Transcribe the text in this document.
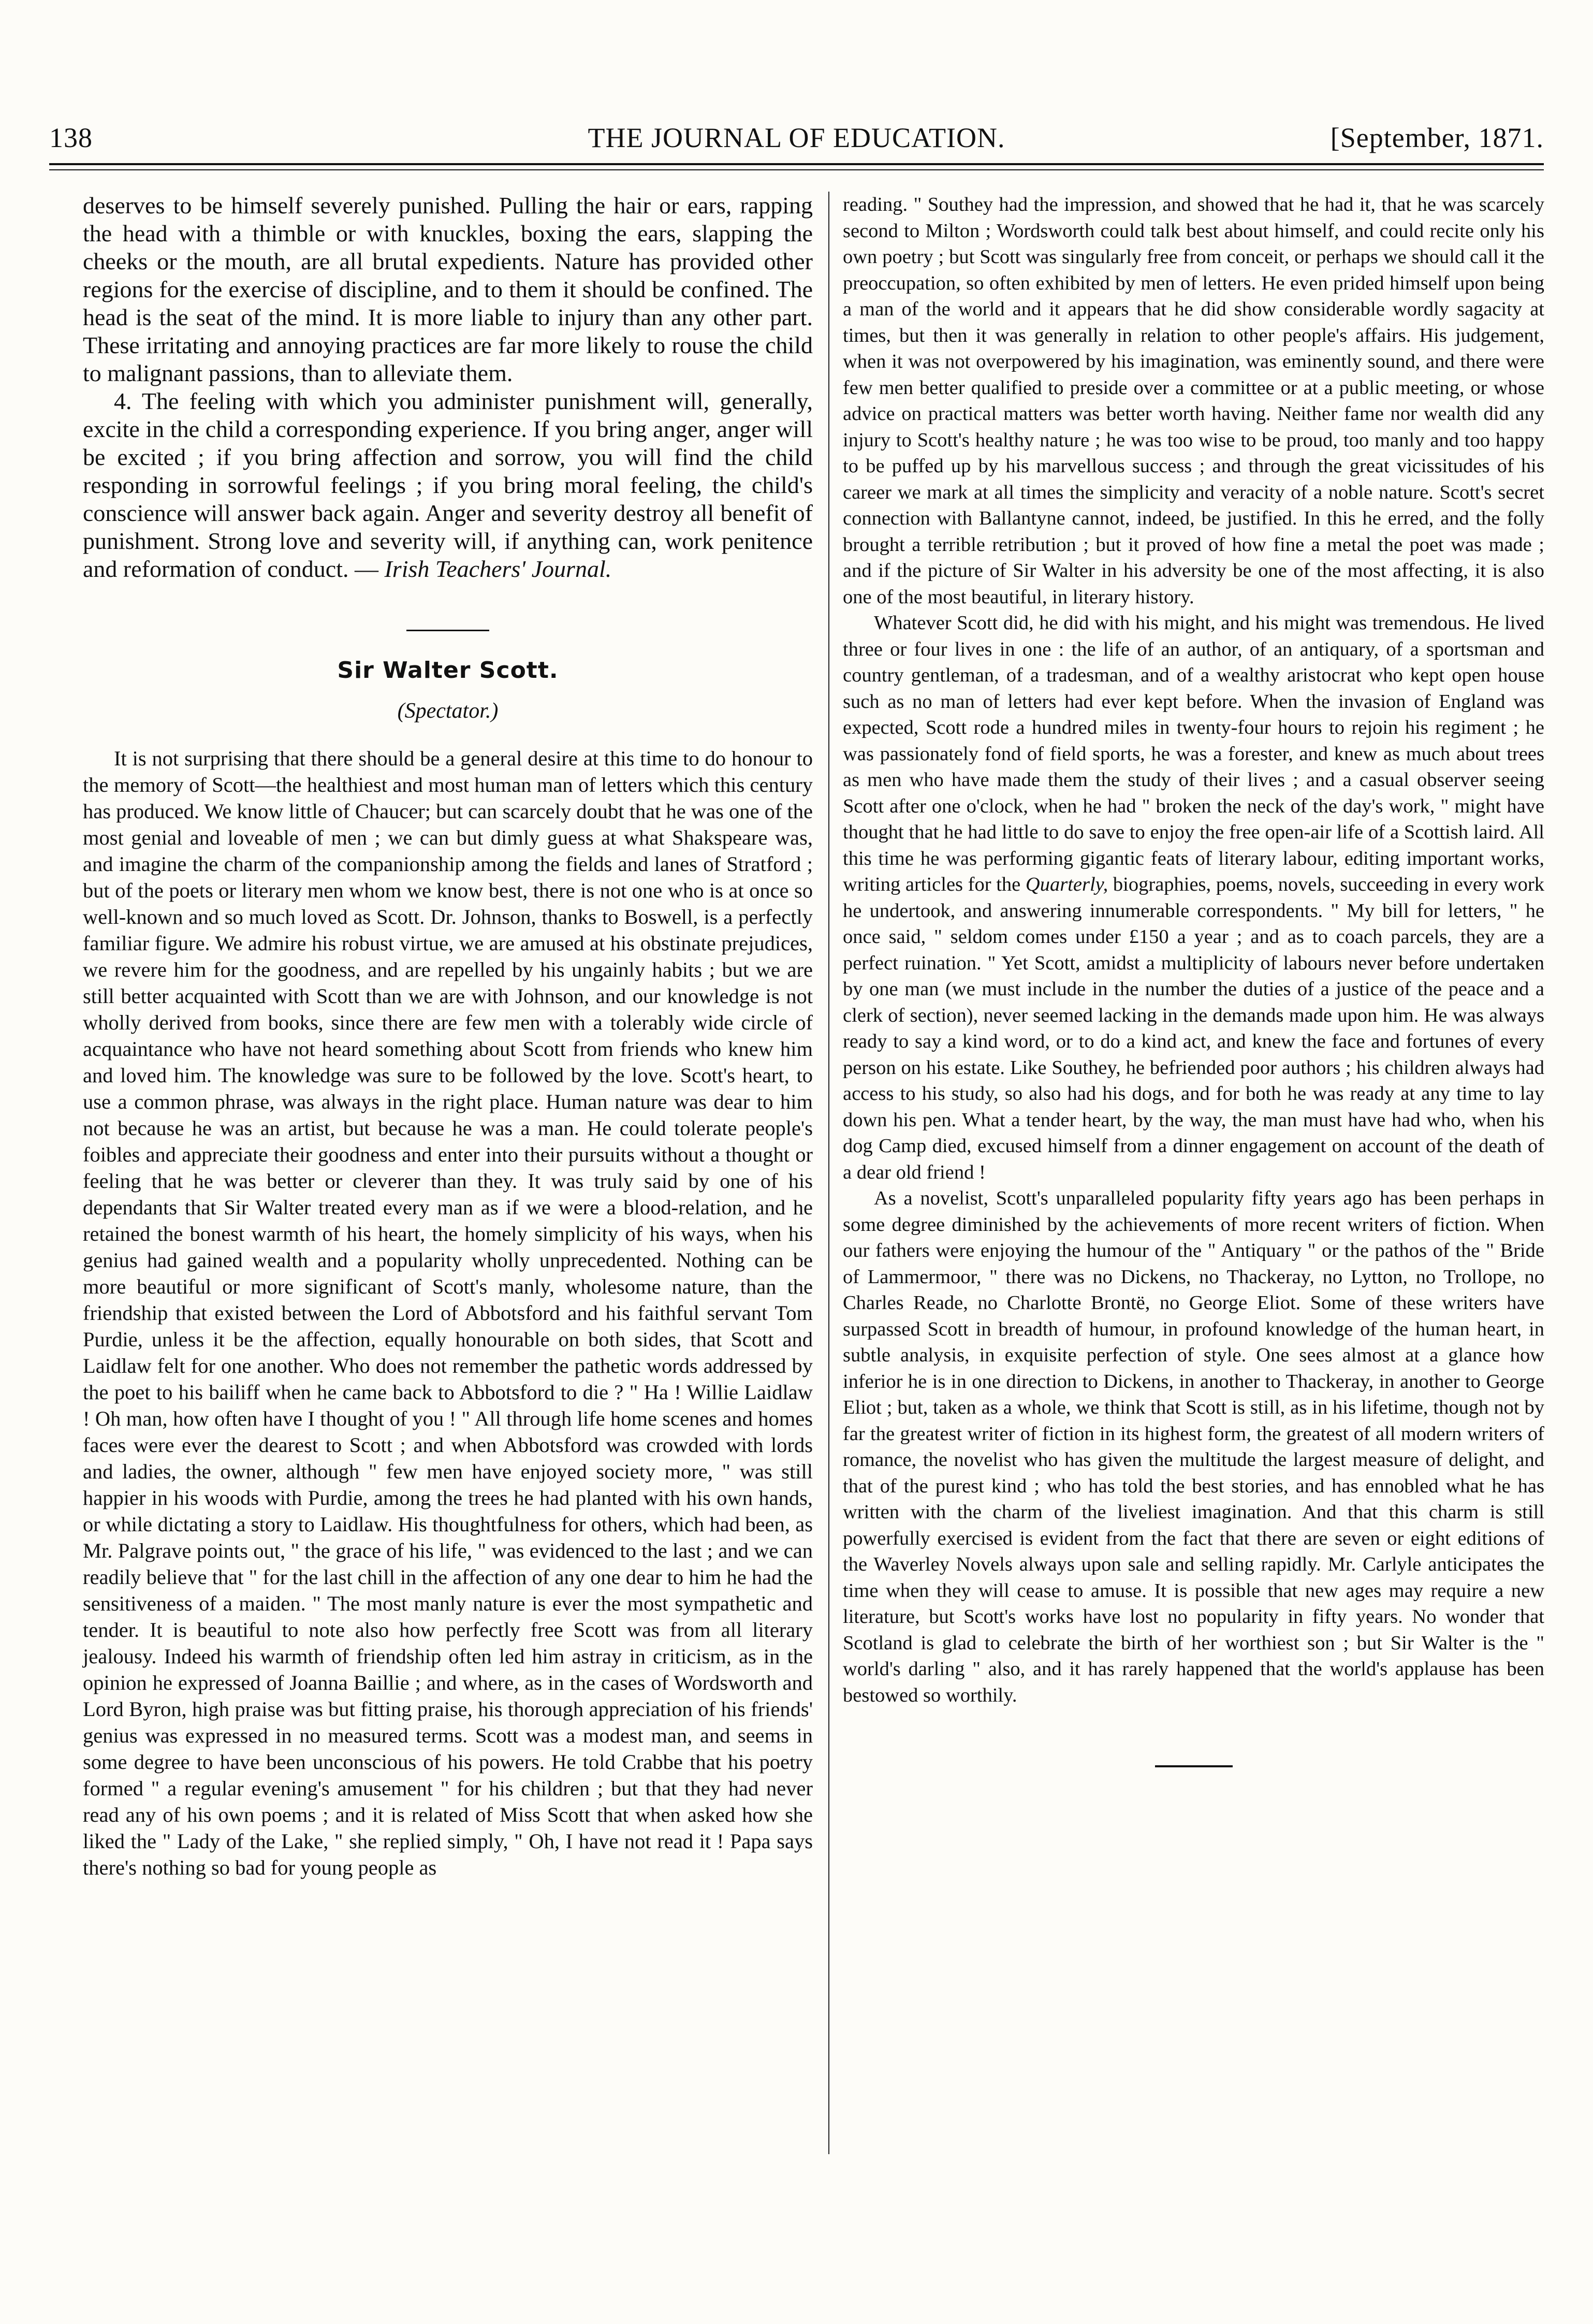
138	THE JOURNAL OF EDUCATION.	[September, 1871.

deserves to be himself severely punished. Pulling the hair or ears, rapping the head with a thimble or with knuckles, boxing the ears, slapping the cheeks or the mouth, are all brutal expedients. Nature has provided other regions for the exercise of discipline, and to them it should be confined. The head is the seat of the mind. It is more liable to injury than any other part. These irritating and annoying practices are far more likely to rouse the child to malignant passions, than to alleviate them.

4. The feeling with which you administer punishment will, generally, excite in the child a corresponding experience. If you bring anger, anger will be excited ; if you bring affection and sorrow, you will find the child responding in sorrowful feelings ; if you bring moral feeling, the child's conscience will answer back again. Anger and severity destroy all benefit of punishment. Strong love and severity will, if anything can, work penitence and reformation of conduct. — Irish Teachers' Journal.

Sir Walter Scott.
(Spectator.)

It is not surprising that there should be a general desire at this time to do honour to the memory of Scott—the healthiest and most human man of letters which this century has produced. We know little of Chaucer; but can scarcely doubt that he was one of the most genial and loveable of men ; we can but dimly guess at what Shakspeare was, and imagine the charm of the companionship among the fields and lanes of Stratford ; but of the poets or literary men whom we know best, there is not one who is at once so well-known and so much loved as Scott. Dr. Johnson, thanks to Boswell, is a perfectly familiar figure. We admire his robust virtue, we are amused at his obstinate prejudices, we revere him for the goodness, and are repelled by his ungainly habits ; but we are still better acquainted with Scott than we are with Johnson, and our knowledge is not wholly derived from books, since there are few men with a tolerably wide circle of acquaintance who have not heard something about Scott from friends who knew him and loved him. The knowledge was sure to be followed by the love. Scott's heart, to use a common phrase, was always in the right place. Human nature was dear to him not because he was an artist, but because he was a man. He could tolerate people's foibles and appreciate their goodness and enter into their pursuits without a thought or feeling that he was better or cleverer than they. It was truly said by one of his dependants that Sir Walter treated every man as if we were a blood-relation, and he retained the bonest warmth of his heart, the homely simplicity of his ways, when his genius had gained wealth and a popularity wholly unprecedented. Nothing can be more beautiful or more significant of Scott's manly, wholesome nature, than the friendship that existed between the Lord of Abbotsford and his faithful servant Tom Purdie, unless it be the affection, equally honourable on both sides, that Scott and Laidlaw felt for one another. Who does not remember the pathetic words addressed by the poet to his bailiff when he came back to Abbotsford to die ? " Ha ! Willie Laidlaw ! Oh man, how often have I thought of you ! " All through life home scenes and homes faces were ever the dearest to Scott ; and when Abbotsford was crowded with lords and ladies, the owner, although " few men have enjoyed society more, " was still happier in his woods with Purdie, among the trees he had planted with his own hands, or while dictating a story to Laidlaw. His thoughtfulness for others, which had been, as Mr. Palgrave points out, " the grace of his life, " was evidenced to the last ; and we can readily believe that " for the last chill in the affection of any one dear to him he had the sensitiveness of a maiden. " The most manly nature is ever the most sympathetic and tender. It is beautiful to note also how perfectly free Scott was from all literary jealousy. Indeed his warmth of friendship often led him astray in criticism, as in the opinion he expressed of Joanna Baillie ; and where, as in the cases of Wordsworth and Lord Byron, high praise was but fitting praise, his thorough appreciation of his friends' genius was expressed in no measured terms. Scott was a modest man, and seems in some degree to have been unconscious of his powers. He told Crabbe that his poetry formed " a regular evening's amusement " for his children ; but that they had never read any of his own poems ; and it is related of Miss Scott that when asked how she liked the " Lady of the Lake, " she replied simply, " Oh, I have not read it ! Papa says there's nothing so bad for young people as

reading. " Southey had the impression, and showed that he had it, that he was scarcely second to Milton ; Wordsworth could talk best about himself, and could recite only his own poetry ; but Scott was singularly free from conceit, or perhaps we should call it the preoccupation, so often exhibited by men of letters. He even prided himself upon being a man of the world and it appears that he did show considerable wordly sagacity at times, but then it was generally in relation to other people's affairs. His judgement, when it was not overpowered by his imagination, was eminently sound, and there were few men better qualified to preside over a committee or at a public meeting, or whose advice on practical matters was better worth having. Neither fame nor wealth did any injury to Scott's healthy nature ; he was too wise to be proud, too manly and too happy to be puffed up by his marvellous success ; and through the great vicissitudes of his career we mark at all times the simplicity and veracity of a noble nature. Scott's secret connection with Ballantyne cannot, indeed, be justified. In this he erred, and the folly brought a terrible retribution ; but it proved of how fine a metal the poet was made ; and if the picture of Sir Walter in his adversity be one of the most affecting, it is also one of the most beautiful, in literary history.

Whatever Scott did, he did with his might, and his might was tremendous. He lived three or four lives in one : the life of an author, of an antiquary, of a sportsman and country gentleman, of a tradesman, and of a wealthy aristocrat who kept open house such as no man of letters had ever kept before. When the invasion of England was expected, Scott rode a hundred miles in twenty-four hours to rejoin his regiment ; he was passionately fond of field sports, he was a forester, and knew as much about trees as men who have made them the study of their lives ; and a casual observer seeing Scott after one o'clock, when he had " broken the neck of the day's work, " might have thought that he had little to do save to enjoy the free open-air life of a Scottish laird. All this time he was performing gigantic feats of literary labour, editing important works, writing articles for the Quarterly, biographies, poems, novels, succeeding in every work he undertook, and answering innumerable correspondents. " My bill for letters, " he once said, " seldom comes under £150 a year ; and as to coach parcels, they are a perfect ruination. " Yet Scott, amidst a multiplicity of labours never before undertaken by one man (we must include in the number the duties of a justice of the peace and a clerk of section), never seemed lacking in the demands made upon him. He was always ready to say a kind word, or to do a kind act, and knew the face and fortunes of every person on his estate. Like Southey, he befriended poor authors ; his children always had access to his study, so also had his dogs, and for both he was ready at any time to lay down his pen. What a tender heart, by the way, the man must have had who, when his dog Camp died, excused himself from a dinner engagement on account of the death of a dear old friend !

As a novelist, Scott's unparalleled popularity fifty years ago has been perhaps in some degree diminished by the achievements of more recent writers of fiction. When our fathers were enjoying the humour of the " Antiquary " or the pathos of the " Bride of Lammermoor, " there was no Dickens, no Thackeray, no Lytton, no Trollope, no Charles Reade, no Charlotte Brontë, no George Eliot. Some of these writers have surpassed Scott in breadth of humour, in profound knowledge of the human heart, in subtle analysis, in exquisite perfection of style. One sees almost at a glance how inferior he is in one direction to Dickens, in another to Thackeray, in another to George Eliot ; but, taken as a whole, we think that Scott is still, as in his lifetime, though not by far the greatest writer of fiction in its highest form, the greatest of all modern writers of romance, the novelist who has given the multitude the largest measure of delight, and that of the purest kind ; who has told the best stories, and has ennobled what he has written with the charm of the liveliest imagination. And that this charm is still powerfully exercised is evident from the fact that there are seven or eight editions of the Waverley Novels always upon sale and selling rapidly. Mr. Carlyle anticipates the time when they will cease to amuse. It is possible that new ages may require a new literature, but Scott's works have lost no popularity in fifty years. No wonder that Scotland is glad to celebrate the birth of her worthiest son ; but Sir Walter is the " world's darling " also, and it has rarely happened that the world's applause has been bestowed so worthily.
